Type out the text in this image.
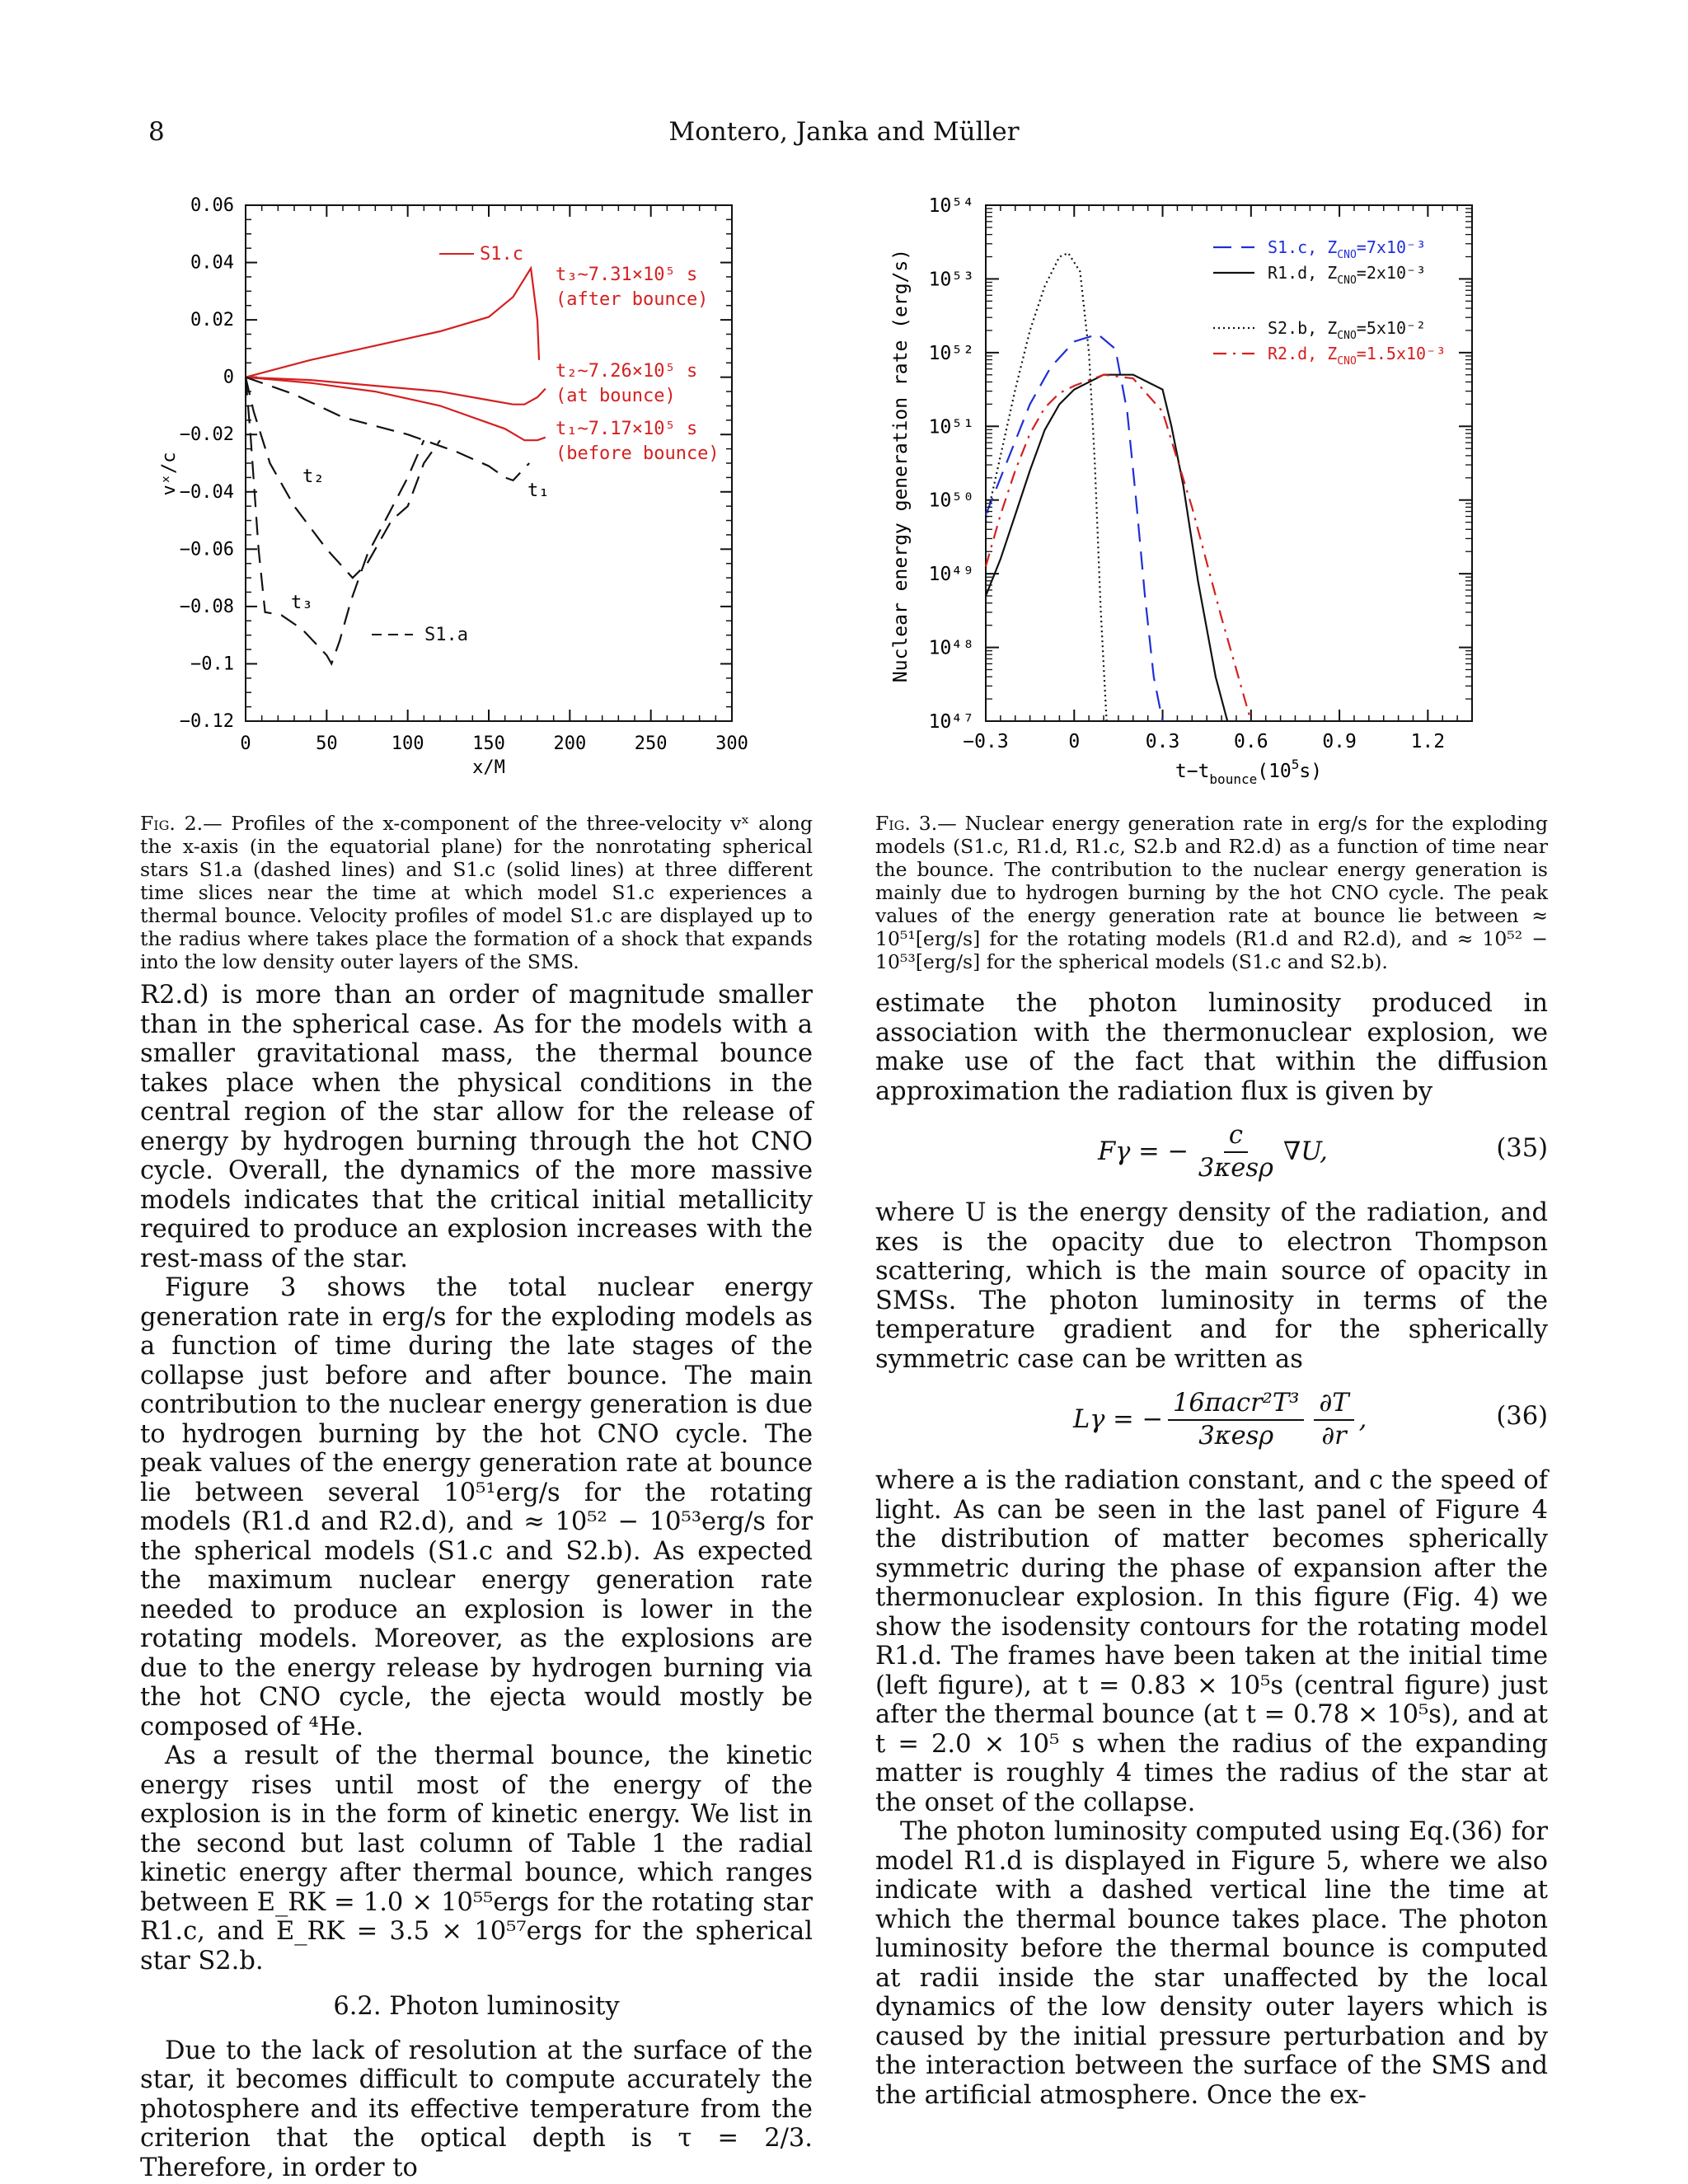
8	Montero, Janka and Müller
0	50	100	150	200	250	300
0.06
0.04
0.02
0
−0.02
−0.04
−0.06
−0.08
−0.1
−0.12
x/M
vˣ/c
S1.c
S1.a
t₃~7.31×10⁵ s
(after bounce)
t₂~7.26×10⁵ s
(at bounce)
t₁~7.17×10⁵ s
(before bounce)
t₁
t₂
t₃
−0.3	0	0.3	0.6	0.9	1.2
10⁴⁷
10⁴⁸
10⁴⁹
10⁵⁰
10⁵¹
10⁵²
10⁵³
10⁵⁴
$t-t_{bounce}(10^5s)$
Nuclear energy generation rate (erg/s)
S1.c, $Z_{CNO}=7x10^{-3}$
R1.d, $Z_{CNO}=2x10^{-3}$
S2.b, $Z_{CNO}=5x10^{-2}$
R2.d, $Z_{CNO}=1.5x10^{-3}$
Fig. 2.— Profiles of the x-component of the three-velocity vˣ along the x-axis (in the equatorial plane) for the nonrotating spherical stars S1.a (dashed lines) and S1.c (solid lines) at three different time slices near the time at which model S1.c experiences a thermal bounce. Velocity profiles of model S1.c are displayed up to the radius where takes place the formation of a shock that expands into the low density outer layers of the SMS.
Fig. 3.— Nuclear energy generation rate in erg/s for the exploding models (S1.c, R1.d, R1.c, S2.b and R2.d) as a function of time near the bounce. The contribution to the nuclear energy generation is mainly due to hydrogen burning by the hot CNO cycle. The peak values of the energy generation rate at bounce lie between ≈ 10⁵¹[erg/s] for the rotating models (R1.d and R2.d), and ≈ 10⁵² − 10⁵³[erg/s] for the spherical models (S1.c and S2.b).

R2.d) is more than an order of magnitude smaller than in the spherical case. As for the models with a smaller gravitational mass, the thermal bounce takes place when the physical conditions in the central region of the star allow for the release of energy by hydrogen burning through the hot CNO cycle. Overall, the dynamics of the more massive models indicates that the critical initial metallicity required to produce an explosion increases with the rest-mass of the star.

Figure 3 shows the total nuclear energy generation rate in erg/s for the exploding models as a function of time during the late stages of the collapse just before and after bounce. The main contribution to the nuclear energy generation is due to hydrogen burning by the hot CNO cycle. The peak values of the energy generation rate at bounce lie between several 10⁵¹erg/s for the rotating models (R1.d and R2.d), and ≈ 10⁵² − 10⁵³erg/s for the spherical models (S1.c and S2.b). As expected the maximum nuclear energy generation rate needed to produce an explosion is lower in the rotating models. Moreover, as the explosions are due to the energy release by hydrogen burning via the hot CNO cycle, the ejecta would mostly be composed of ⁴He.

As a result of the thermal bounce, the kinetic energy rises until most of the energy of the explosion is in the form of kinetic energy. We list in the second but last column of Table 1 the radial kinetic energy after thermal bounce, which ranges between E_RK = 1.0 × 10⁵⁵ergs for the rotating star R1.c, and E_RK = 3.5 × 10⁵⁷ergs for the spherical star S2.b.

6.2. Photon luminosity

Due to the lack of resolution at the surface of the star, it becomes difficult to compute accurately the photosphere and its effective temperature from the criterion that the optical depth is τ = 2/3. Therefore, in order to

estimate the photon luminosity produced in association with the thermonuclear explosion, we make use of the fact that within the diffusion approximation the radiation flux is given by

Fγ = − $\frac{c}{\text{3κesρ}} \nabla U$,	(35)

where U is the energy density of the radiation, and κes is the opacity due to electron Thompson scattering, which is the main source of opacity in SMSs. The photon luminosity in terms of the temperature gradient and for the spherically symmetric case can be written as

Lγ = − $\frac{\text{16πacr²T³}}{\text{3κesρ}} \frac{\partial T}{\partial r}$ ,	(36)

where a is the radiation constant, and c the speed of light. As can be seen in the last panel of Figure 4 the distribution of matter becomes spherically symmetric during the phase of expansion after the thermonuclear explosion. In this figure (Fig. 4) we show the isodensity contours for the rotating model R1.d. The frames have been taken at the initial time (left figure), at t = 0.83 × 10⁵s (central figure) just after the thermal bounce (at t = 0.78 × 10⁵s), and at t = 2.0 × 10⁵ s when the radius of the expanding matter is roughly 4 times the radius of the star at the onset of the collapse.

The photon luminosity computed using Eq.(36) for model R1.d is displayed in Figure 5, where we also indicate with a dashed vertical line the time at which the thermal bounce takes place. The photon luminosity before the thermal bounce is computed at radii inside the star unaffected by the local dynamics of the low density outer layers which is caused by the initial pressure perturbation and by the interaction between the surface of the SMS and the artificial atmosphere. Once the ex-
